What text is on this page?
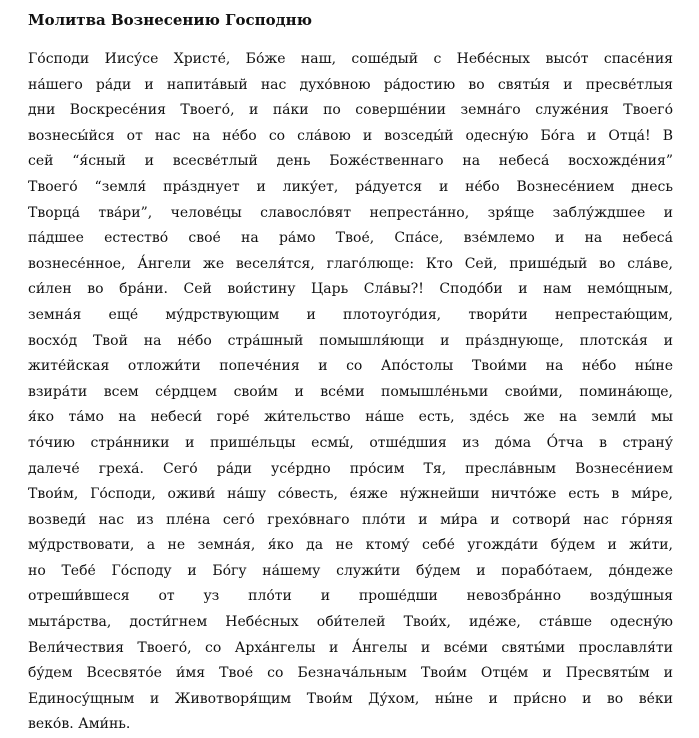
Молитва Вознесению Господню
Го́споди Иису́се Христе́, Бо́же наш, соше́дый с Небе́сных высо́т спасе́ния
на́шего ра́ди и напита́вый нас духо́вною ра́достию во святы́я и пресве́тлыя
дни Воскресе́ния Твоего́, и па́ки по соверше́нии земна́го служе́ния Твоего́
вознесы́йся от нас на не́бо со сла́вою и возседы́й одесну́ю Бо́га и Отца́! В
сей “я́сный и всесве́тлый день Боже́ственнаго на небеса́ восхожде́ния”
Твоего́ “земля́ пра́зднует и лику́ет, ра́дуется и не́бо Вознесе́нием днесь
Творца́ тва́ри”, челове́цы славосло́вят непреста́нно, зря́ще заблу́ждшее и
па́дшее естество́ свое́ на ра́мо Твое́, Спа́се, взе́млемо и на небеса́
вознесе́нное, А́нгели же веселя́тся, глаго́люще: Кто Сей, прише́дый во сла́ве,
си́лен во бра́ни. Сей вои́стину Царь Сла́вы?! Сподо́би и нам немо́щным,
земна́я еще́ му́дрствующим и плотоуго́дия, твори́ти непрестаю́щим,
восхо́д Твой на не́бо стра́шный помышля́ющи и пра́зднующе, плотска́я и
жите́йская отложи́ти попече́ния и со Апо́столы Твои́ми на не́бо ны́не
взира́ти всем се́рдцем свои́м и все́ми помышле́ньми свои́ми, помина́юще,
я́ко та́мо на небеси́ горе́ жи́тельство на́ше есть, зде́сь же на земли́ мы
то́чию стра́нники и прише́льцы есмы́, отше́дшия из до́ма О́тча в страну́
далече́ греха́. Сего́ ра́ди усе́рдно про́сим Тя, пресла́вным Вознесе́нием
Твои́м, Го́споди, оживи́ на́шу со́весть, е́яже ну́жнейши ничто́же есть в ми́ре,
возведи́ нас из пле́на сего́ грехо́внаго пло́ти и ми́ра и сотвори́ нас го́рняя
му́дрствовати, а не земна́я, я́ко да не ктому́ себе́ угожда́ти бу́дем и жи́ти,
но Тебе́ Го́споду и Бо́гу на́шему служи́ти бу́дем и порабо́таем, до́ндеже
отреши́вшеся от уз пло́ти и проше́дши невозбра́нно возду́шныя
мыта́рства, дости́гнем Небе́сных оби́телей Твои́х, иде́же, ста́вше одесну́ю
Вели́чествия Твоего́, со Арха́нгелы и А́нгелы и все́ми святы́ми прославля́ти
бу́дем Всесвято́е и́мя Твое́ со Безнача́льным Твои́м Отце́м и Пресвяты́м и
Единосу́щным и Животворя́щим Твои́м Ду́хом, ны́не и при́сно и во ве́ки
веко́в. Ами́нь.
